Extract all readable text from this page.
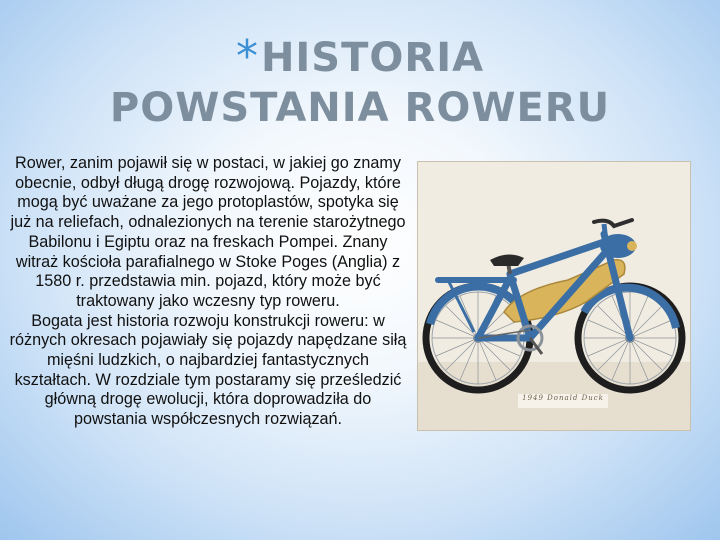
*HISTORIA
POWSTANIA ROWERU

Rower, zanim pojawił się w postaci, w jakiej go znamy obecnie, odbył długą drogę rozwojową. Pojazdy, które mogą być uważane za jego protoplastów, spotyka się już na reliefach, odnalezionych na terenie starożytnego Babilonu i Egiptu oraz na freskach Pompei. Znany witraż kościoła parafialnego w Stoke Poges (Anglia) z 1580 r. przedstawia min. pojazd, który może być traktowany jako wczesny typ roweru.

Bogata jest historia rozwoju konstrukcji roweru: w różnych okresach pojawiały się pojazdy napędzane siłą mięśni ludzkich, o najbardziej fantastycznych kształtach. W rozdziale tym postaramy się prześledzić główną drogę ewolucji, która doprowadziła do powstania współczesnych rozwiązań.

1949 Donald Duck
